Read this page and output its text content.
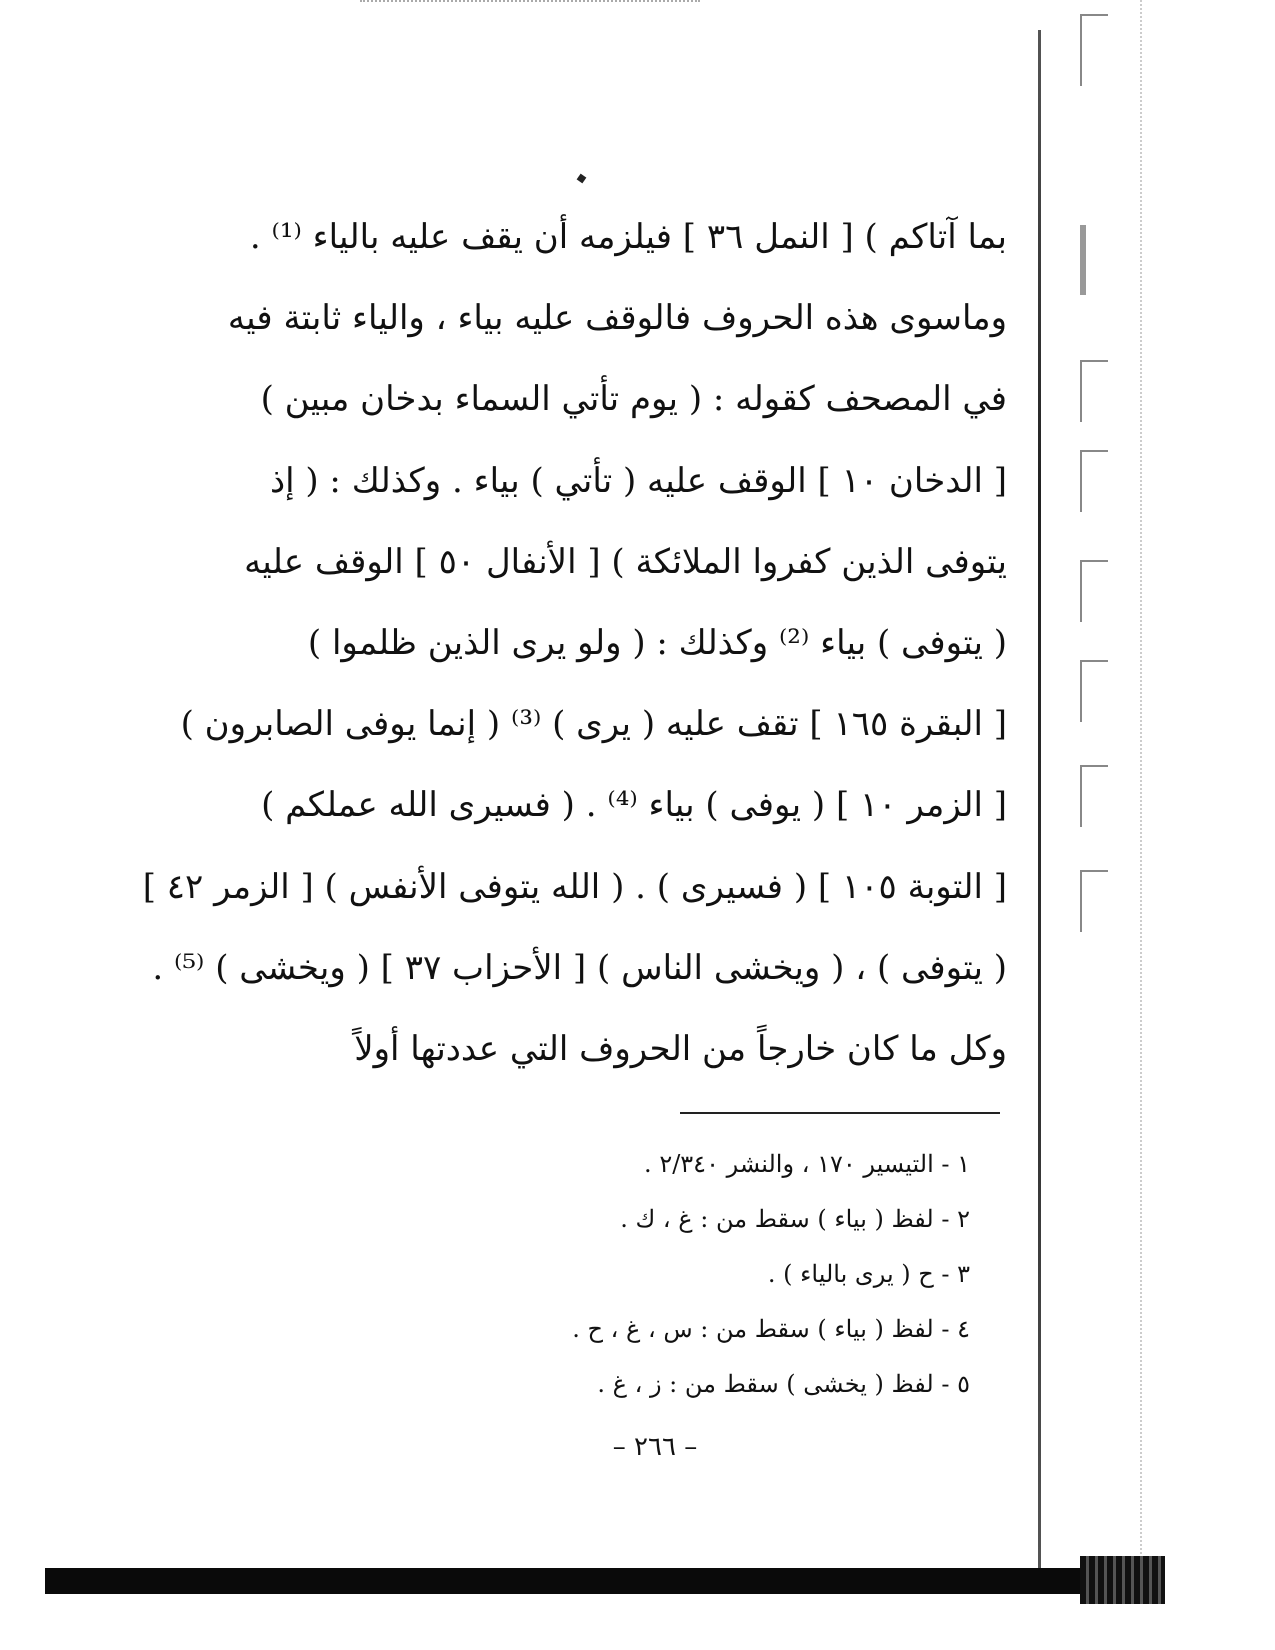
بما آتاكم ) [ النمل ٣٦ ] فيلزمه أن يقف عليه بالياء ⁽¹⁾ .
وماسوى هذه الحروف فالوقف عليه بياء ، والياء ثابتة فيه
في المصحف كقوله : ( يوم تأتي السماء بدخان مبين )
[ الدخان ١٠ ] الوقف عليه ( تأتي ) بياء . وكذلك : ( إذ
يتوفى الذين كفروا الملائكة ) [ الأنفال ٥٠ ] الوقف عليه
( يتوفى ) بياء ⁽²⁾ وكذلك : ( ولو يرى الذين ظلموا )
[ البقرة ١٦٥ ] تقف عليه ( يرى ) ⁽³⁾ ( إنما يوفى الصابرون )
[ الزمر ١٠ ] ( يوفى ) بياء ⁽⁴⁾ . ( فسيرى الله عملكم )
[ التوبة ١٠٥ ] ( فسيرى ) . ( الله يتوفى الأنفس ) [ الزمر ٤٢ ]
( يتوفى ) ، ( ويخشى الناس ) [ الأحزاب ٣٧ ] ( ويخشى ) ⁽⁵⁾ .
وكل ما كان خارجاً من الحروف التي عددتها أولاً
١ - التيسير ١٧٠ ، والنشر ٢/٣٤٠ .
٢ - لفظ ( بياء ) سقط من : غ ، ك .
٣ - ح ( يرى بالياء ) .
٤ - لفظ ( بياء ) سقط من : س ، غ ، ح .
٥ - لفظ ( يخشى ) سقط من : ز ، غ .
– ٢٦٦ –
